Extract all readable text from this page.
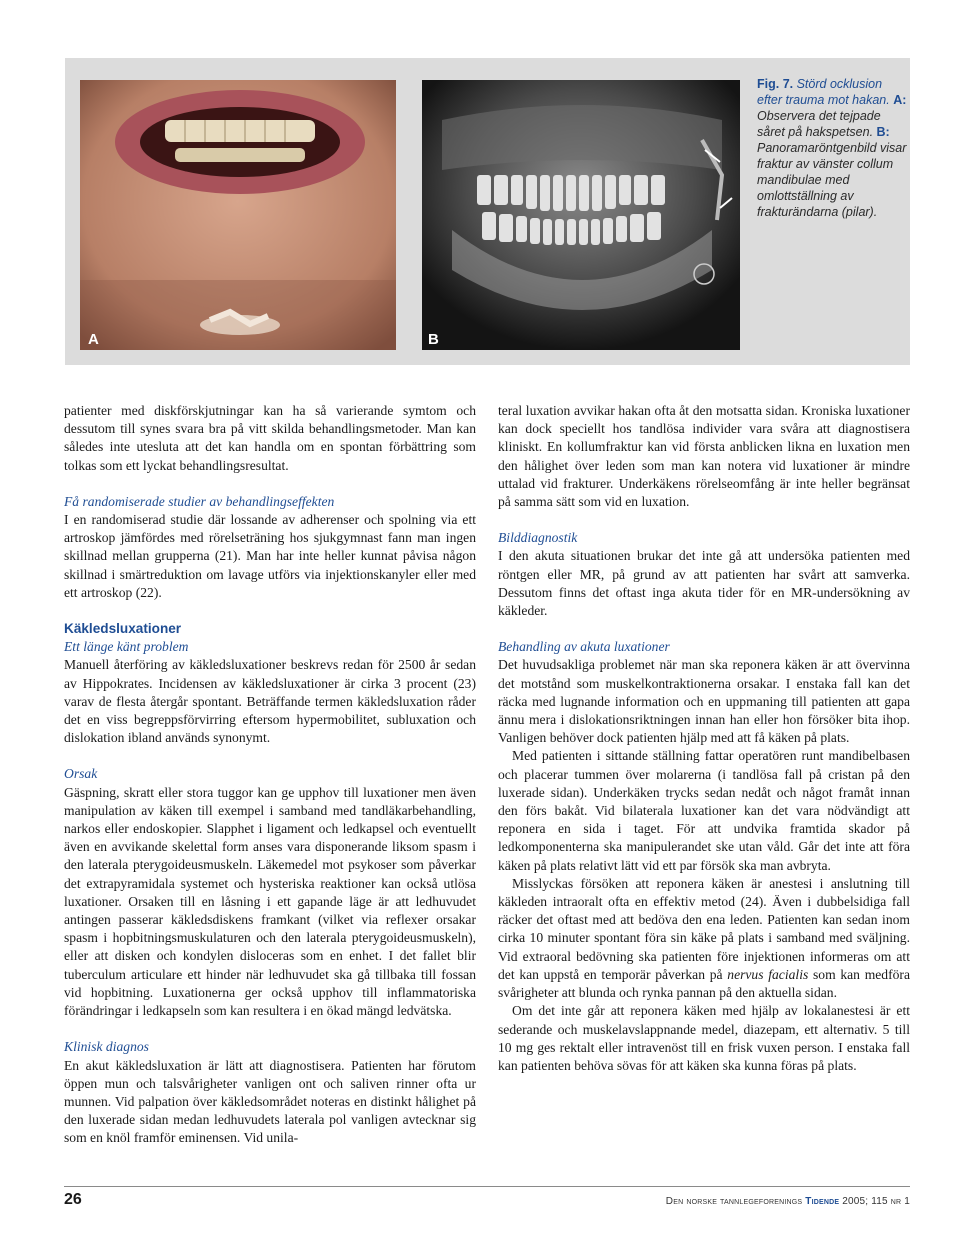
A	B
Fig. 7. Störd ocklusion efter trauma mot hakan. A: Observera det tejpade såret på hakspetsen. B: Panoramaröntgenbild visar fraktur av vänster collum mandibulae med omlottställning av frakturändarna (pilar).

patienter med diskförskjutningar kan ha så varierande symtom och dessutom till synes svara bra på vitt skilda behandlingsmetoder. Man kan således inte utesluta att det kan handla om en spontan förbättring som tolkas som ett lyckat behandlingsresultat.

Få randomiserade studier av behandlingseffekten

I en randomiserad studie där lossande av adherenser och spolning via ett artroskop jämfördes med rörelseträning hos sjukgymnast fann man ingen skillnad mellan grupperna (21). Man har inte heller kunnat påvisa någon skillnad i smärtreduktion om lavage utförs via injektionskanyler eller med ett artroskop (22).

Käkledsluxationer

Ett länge känt problem

Manuell återföring av käkledsluxationer beskrevs redan för 2500 år sedan av Hippokrates. Incidensen av käkledsluxationer är cirka 3 procent (23) varav de flesta återgår spontant. Beträffande termen käkledsluxation råder det en viss begreppsförvirring eftersom hypermobilitet, subluxation och dislokation ibland används synonymt.

Orsak

Gäspning, skratt eller stora tuggor kan ge upphov till luxationer men även manipulation av käken till exempel i samband med tandläkarbehandling, narkos eller endoskopier. Slapphet i ligament och ledkapsel och eventuellt även en avvikande skelettal form anses vara disponerande liksom spasm i den laterala pterygoideusmuskeln. Läkemedel mot psykoser som påverkar det extrapyramidala systemet och hysteriska reaktioner kan också utlösa luxationer. Orsaken till en låsning i ett gapande läge är att ledhuvudet antingen passerar käkledsdiskens framkant (vilket via reflexer orsakar spasm i hopbitningsmuskulaturen och den laterala pterygoideusmuskeln), eller att disken och kondylen disloceras som en enhet. I det fallet blir tuberculum articulare ett hinder när ledhuvudet ska gå tillbaka till fossan vid hopbitning. Luxationerna ger också upphov till inflammatoriska förändringar i ledkapseln som kan resultera i en ökad mängd ledvätska.

Klinisk diagnos

En akut käkledsluxation är lätt att diagnostisera. Patienten har förutom öppen mun och talsvårigheter vanligen ont och saliven rinner ofta ur munnen. Vid palpation över käkledsområdet noteras en distinkt hålighet på den luxerade sidan medan ledhuvudets laterala pol vanligen avtecknar sig som en knöl framför eminensen. Vid unila-

teral luxation avvikar hakan ofta åt den motsatta sidan. Kroniska luxationer kan dock speciellt hos tandlösa individer vara svåra att diagnostisera kliniskt. En kollumfraktur kan vid första anblicken likna en luxation men den hålighet över leden som man kan notera vid luxationer är mindre uttalad vid frakturer. Underkäkens rörelseomfång är inte heller begränsat på samma sätt som vid en luxation.

Bilddiagnostik

I den akuta situationen brukar det inte gå att undersöka patienten med röntgen eller MR, på grund av att patienten har svårt att samverka. Dessutom finns det oftast inga akuta tider för en MR-undersökning av käkleder.

Behandling av akuta luxationer

Det huvudsakliga problemet när man ska reponera käken är att övervinna det motstånd som muskelkontraktionerna orsakar. I enstaka fall kan det räcka med lugnande information och en uppmaning till patienten att gapa ännu mera i dislokationsriktningen innan han eller hon försöker bita ihop. Vanligen behöver dock patienten hjälp med att få käken på plats.

Med patienten i sittande ställning fattar operatören runt mandibelbasen och placerar tummen över molarerna (i tandlösa fall på cristan på den luxerade sidan). Underkäken trycks sedan nedåt och något framåt innan den förs bakåt. Vid bilaterala luxationer kan det vara nödvändigt att reponera en sida i taget. För att undvika framtida skador på ledkomponenterna ska manipulerandet ske utan våld. Går det inte att föra käken på plats relativt lätt vid ett par försök ska man avbryta.

Misslyckas försöken att reponera käken är anestesi i anslutning till käkleden intraoralt ofta en effektiv metod (24). Även i dubbelsidiga fall räcker det oftast med att bedöva den ena leden. Patienten kan sedan inom cirka 10 minuter spontant föra sin käke på plats i samband med sväljning. Vid extraoral bedövning ska patienten före injektionen informeras om att det kan uppstå en temporär påverkan på nervus facialis som kan medföra svårigheter att blunda och rynka pannan på den aktuella sidan.

Om det inte går att reponera käken med hjälp av lokalanestesi är ett sederande och muskelavslappnande medel, diazepam, ett alternativ. 5 till 10 mg ges rektalt eller intravenöst till en frisk vuxen person. I enstaka fall kan patienten behöva sövas för att käken ska kunna föras på plats.

26	Den norske tannlegeforenings Tidende 2005; 115 nr 1
